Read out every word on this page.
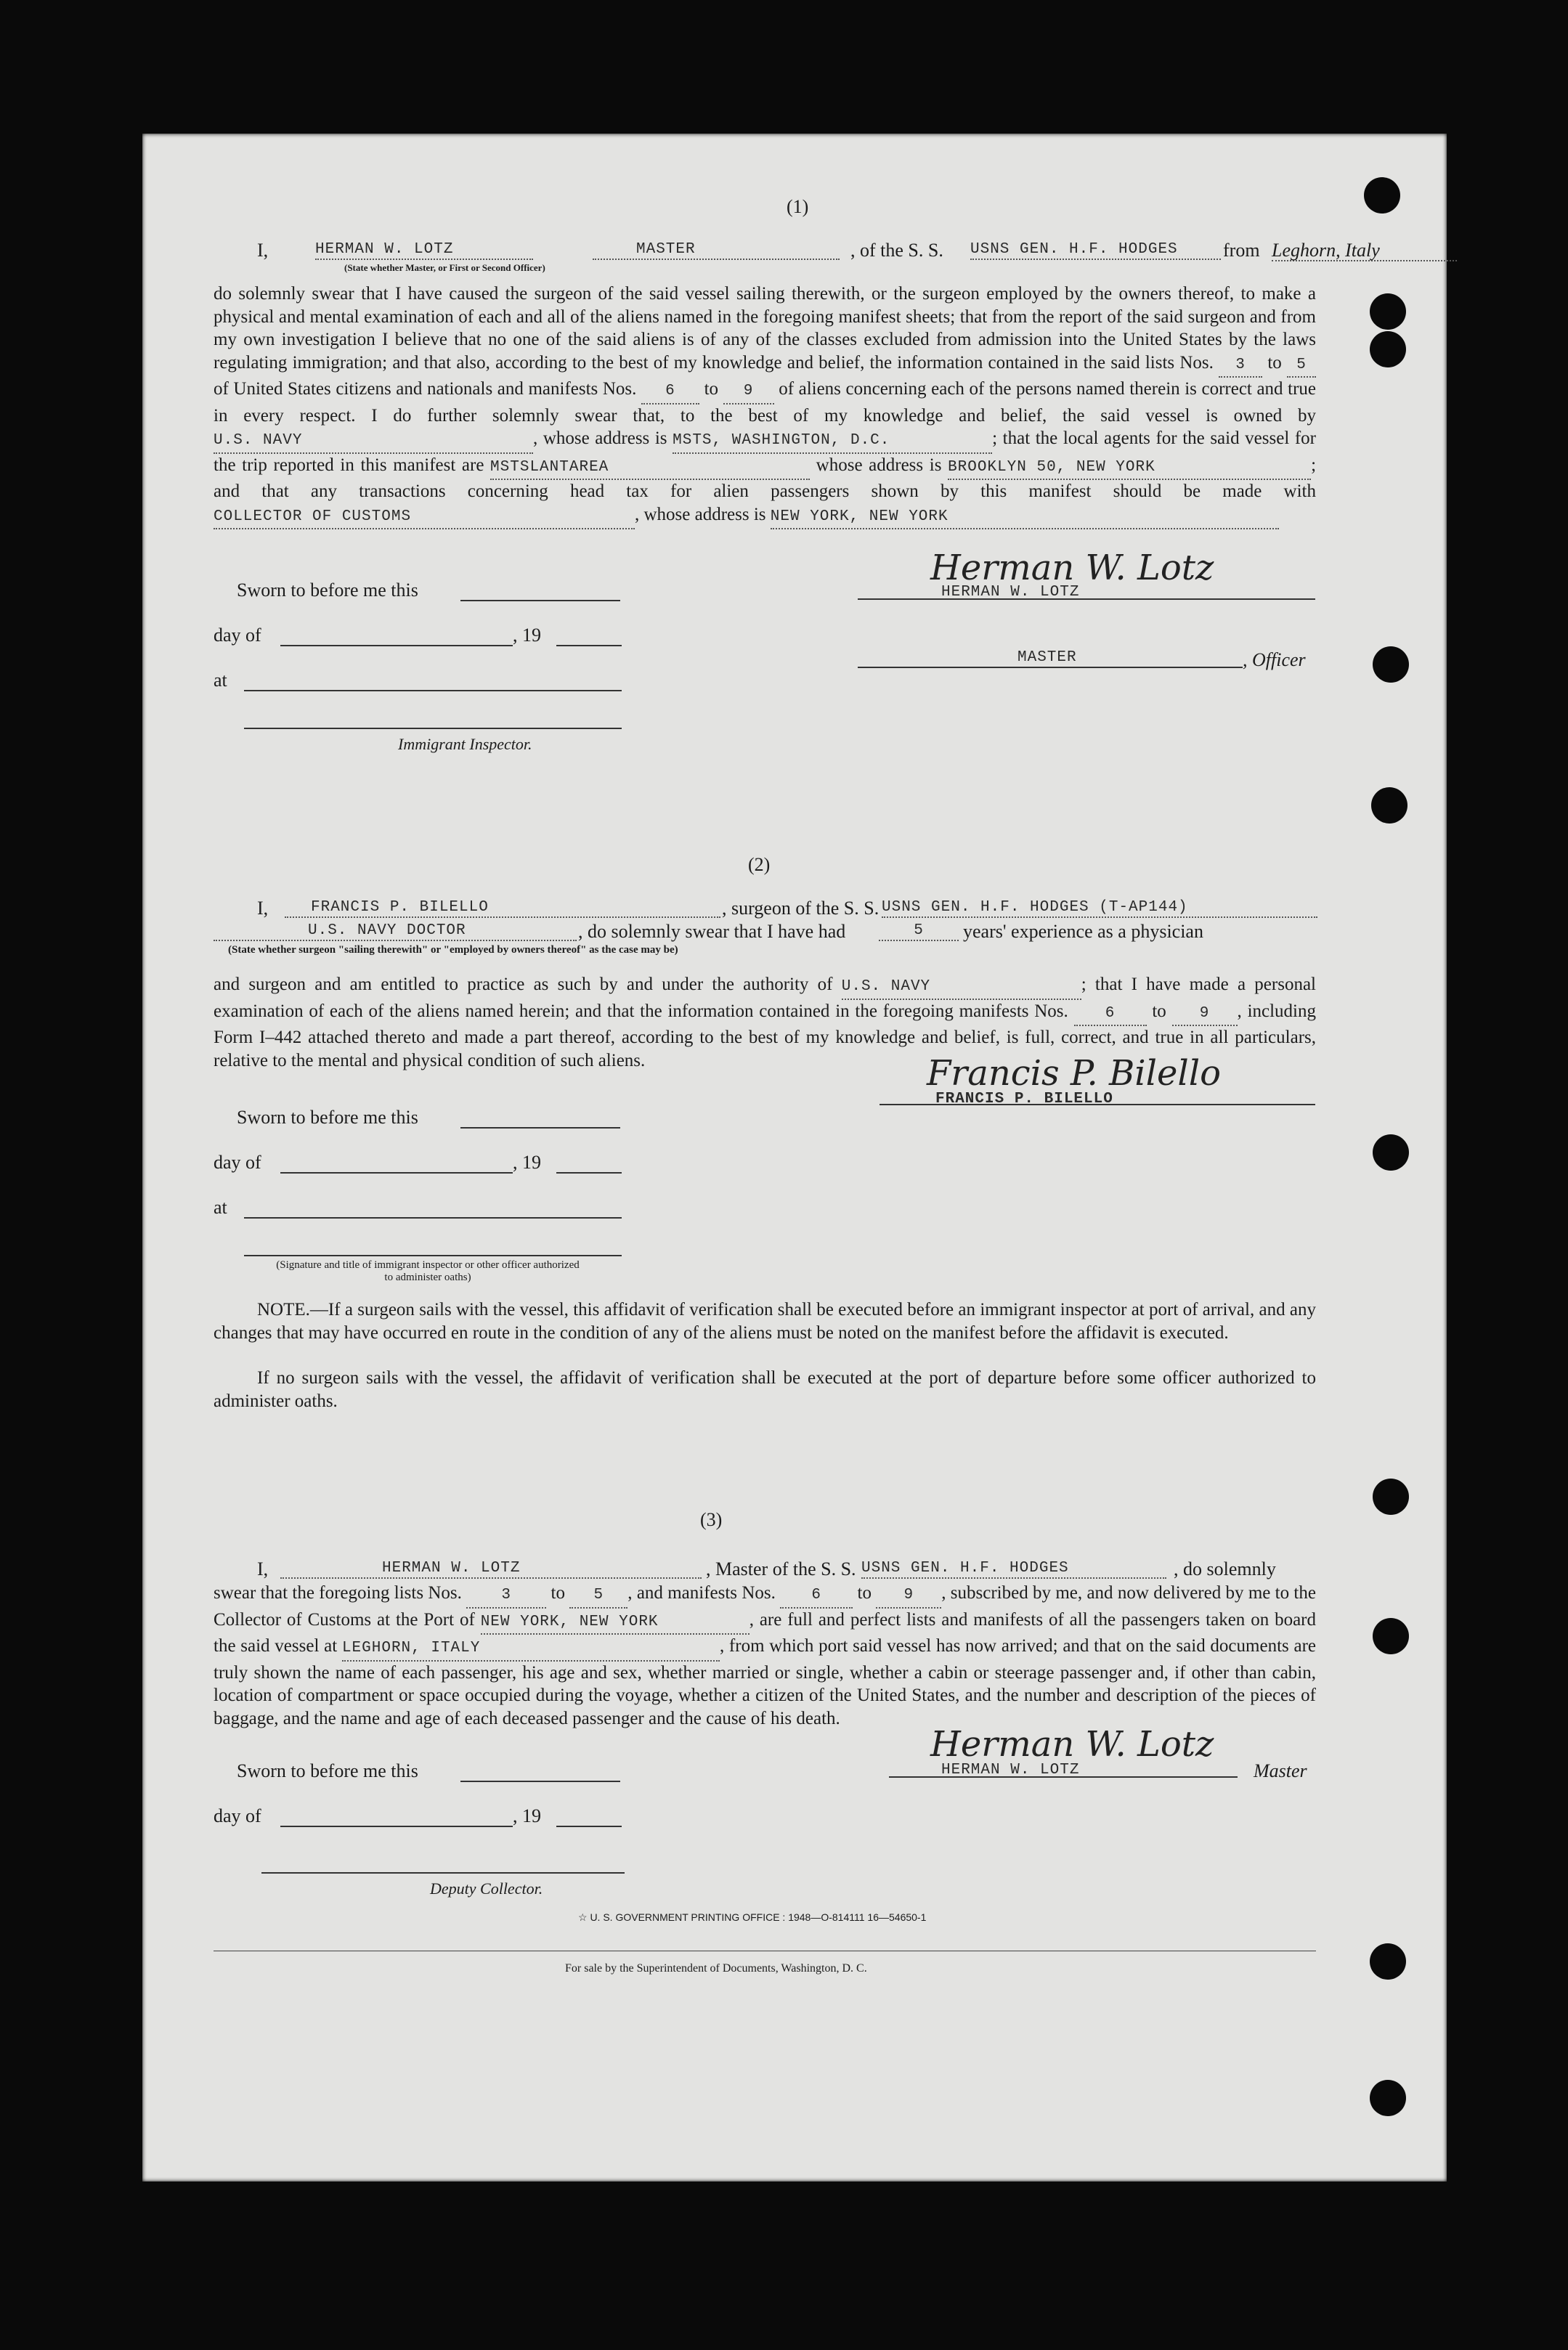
(1)
I,	HERMAN W. LOTZ	MASTER	, of the S. S. USNS GEN. H.F. HODGES	from Leghorn, Italy
(State whether Master, or First or Second Officer)
do solemnly swear that I have caused the surgeon of the said vessel sailing therewith, or the surgeon employed by the owners thereof, to make a physical and mental examination of each and all of the aliens named in the foregoing manifest sheets; that from the report of the said surgeon and from my own investigation I believe that no one of the said aliens is of any of the classes excluded from admission into the United States by the laws regulating immigration; and that also, according to the best of my knowledge and belief, the information contained in the said lists Nos. 3 to 5 of United States citizens and nationals and manifests Nos. 6 to 9 of aliens concerning each of the persons named therein is correct and true in every respect. I do further solemnly swear that, to the best of my knowledge and belief, the said vessel is owned by U.S. NAVY	, whose address is MSTS, WASHINGTON, D.C.	; that the local agents for the said vessel for the trip reported in this manifest are MSTSLANTAREA	whose address is BROOKLYN 50, NEW YORK	; and that any transactions concerning head tax for alien passengers shown by this manifest should be made with COLLECTOR OF CUSTOMS	, whose address is NEW YORK, NEW YORK
Sworn to before me this
day of	, 19
at
Immigrant Inspector.
Herman W. Lotz
HERMAN W. LOTZ
MASTER	, Officer
(2)
I,	FRANCIS P. BILELLO	, surgeon of the S. S. USNS GEN. H.F. HODGES (T-AP144)
U.S. NAVY DOCTOR	, do solemnly swear that I have had	5	years' experience as a physician
(State whether surgeon "sailing therewith" or "employed by owners thereof" as the case may be)
and surgeon and am entitled to practice as such by and under the authority of U.S. NAVY	; that I have made a personal examination of each of the aliens named herein; and that the information contained in the foregoing manifests Nos. 6 to 9 , including Form I–442 attached thereto and made a part thereof, according to the best of my knowledge and belief, is full, correct, and true in all particulars, relative to the mental and physical condition of such aliens.	Francis P. Bilello
FRANCIS P. BILELLO
Sworn to before me this
day of	, 19
at
(Signature and title of immigrant inspector or other officer authorized to administer oaths)
NOTE.—If a surgeon sails with the vessel, this affidavit of verification shall be executed before an immigrant inspector at port of arrival, and any changes that may have occurred en route in the condition of any of the aliens must be noted on the manifest before the affidavit is executed.
If no surgeon sails with the vessel, the affidavit of verification shall be executed at the port of departure before some officer authorized to administer oaths.
(3)
I,	HERMAN W. LOTZ	, Master of the S. S. USNS GEN. H.F. HODGES	, do solemnly
swear that the foregoing lists Nos. 3 to 5 , and manifests Nos. 6 to 9 , subscribed by me, and now delivered by me to the Collector of Customs at the Port of NEW YORK, NEW YORK	, are full and perfect lists and manifests of all the passengers taken on board the said vessel at LEGHORN, ITALY	, from which port said vessel has now arrived; and that on the said documents are truly shown the name of each passenger, his age and sex, whether married or single, whether a cabin or steerage passenger and, if other than cabin, location of compartment or space occupied during the voyage, whether a citizen of the United States, and the number and description of the pieces of baggage, and the name and age of each deceased passenger and the cause of his death.
Herman W. Lotz
HERMAN W. LOTZ	Master
Sworn to before me this
day of	, 19
Deputy Collector.
☆ U. S. GOVERNMENT PRINTING OFFICE : 1948—O-814111 16—54650-1
For sale by the Superintendent of Documents, Washington, D. C.
